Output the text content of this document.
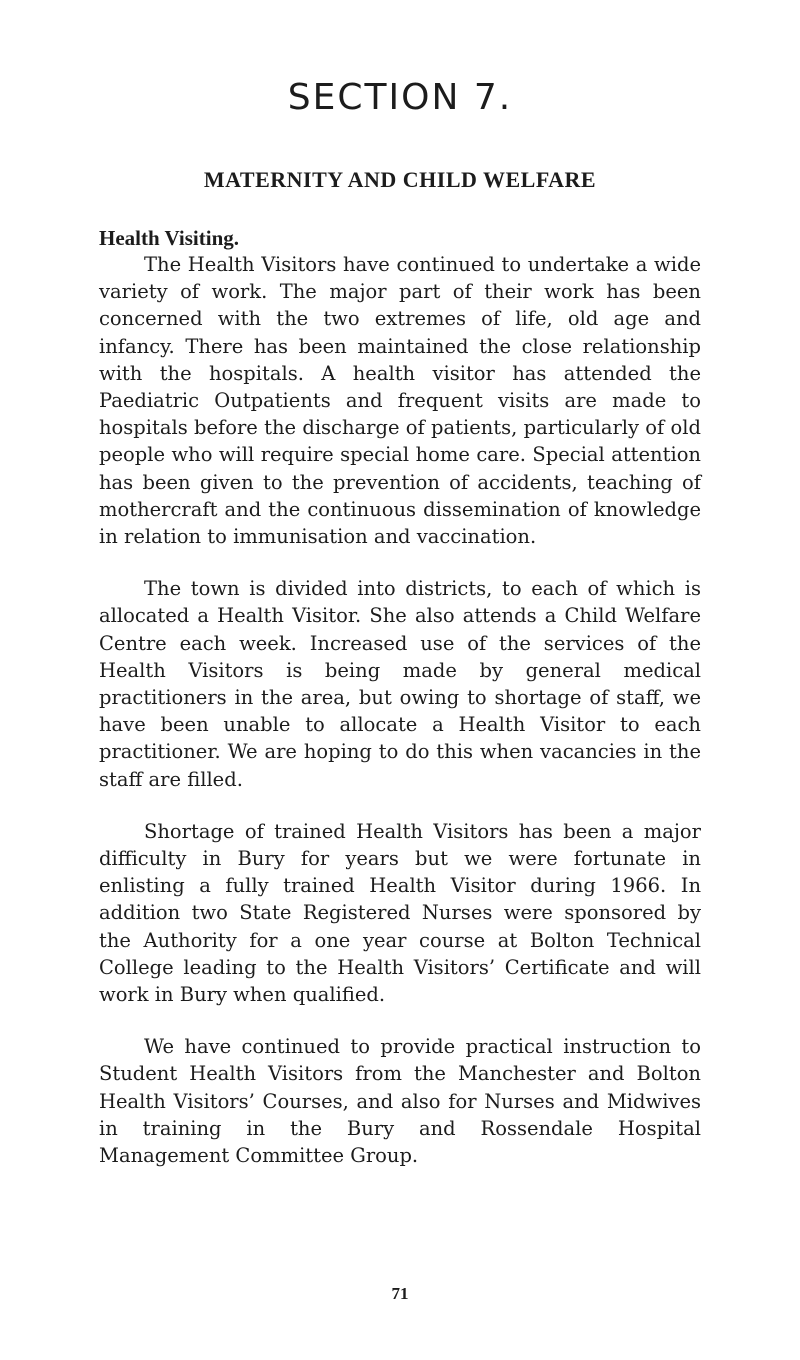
SECTION 7.
MATERNITY AND CHILD WELFARE
Health Visiting.

The Health Visitors have continued to undertake a wide variety of work. The major part of their work has been concerned with the two extremes of life, old age and infancy. There has been maintained the close relationship with the hospitals. A health visitor has attended the Paediatric Outpatients and frequent visits are made to hospitals before the discharge of patients, particularly of old people who will require special home care. Special attention has been given to the prevention of accidents, teaching of mothercraft and the continuous dissemination of knowledge in relation to immunisation and vaccination.

The town is divided into districts, to each of which is allocated a Health Visitor. She also attends a Child Welfare Centre each week. Increased use of the services of the Health Visitors is being made by general medical practitioners in the area, but owing to shortage of staff, we have been unable to allocate a Health Visitor to each practitioner. We are hoping to do this when vacancies in the staff are filled.

Shortage of trained Health Visitors has been a major difficulty in Bury for years but we were fortunate in enlisting a fully trained Health Visitor during 1966. In addition two State Registered Nurses were sponsored by the Authority for a one year course at Bolton Technical College leading to the Health Visitors’ Certificate and will work in Bury when qualified.

We have continued to provide practical instruction to Student Health Visitors from the Manchester and Bolton Health Visitors’ Courses, and also for Nurses and Midwives in training in the Bury and Rossendale Hospital Management Committee Group.

71
